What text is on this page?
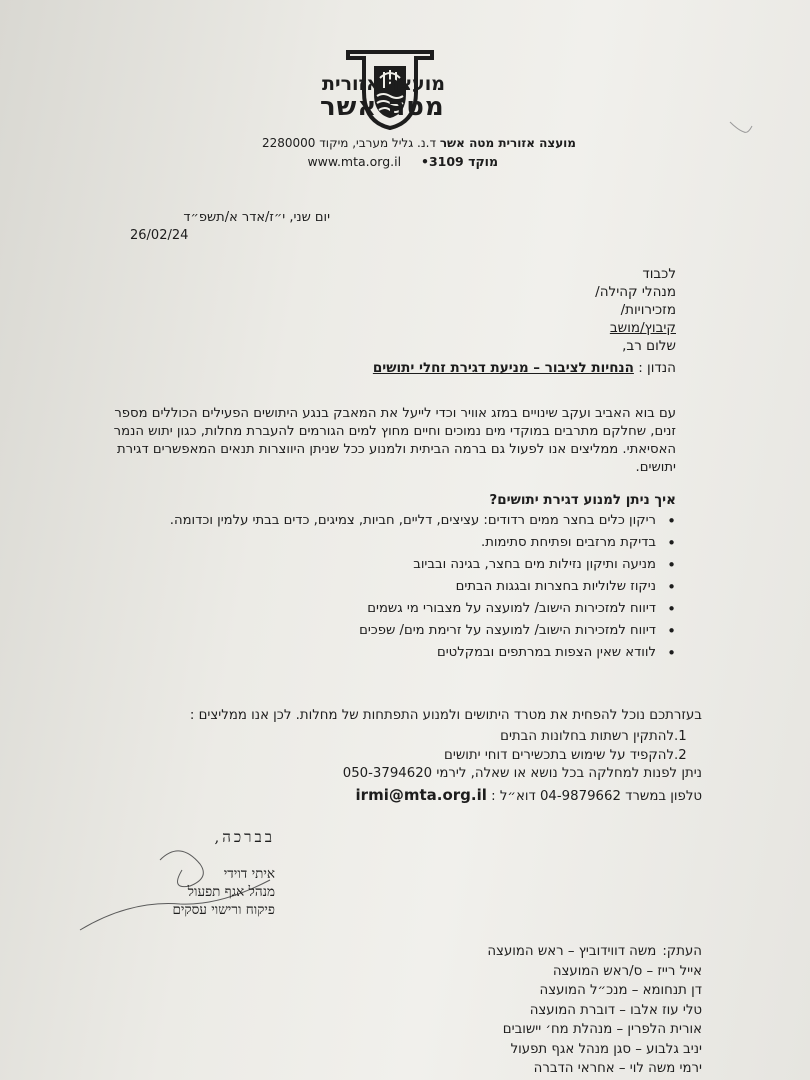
מועצה אזורית
מטה אשר
מועצה אזורית מטה אשר ד.נ. גליל מערבי, מיקוד 2280000
מוקד 3109•     www.mta.org.il
יום שני, י״ז/אדר א/תשפ״ד
26/02/24
לכבוד
מנהלי קהילה/
מזכירויות/
קיבוץ/מושב
שלום רב,
הנדון : הנחיות לציבור – מניעת דגירת זחלי יתושים
עם בוא האביב ועקב שינויים במזג אוויר וכדי לייעל את המאבק בנגע היתושים הפעילים הכוללים מספר זנים, שחלקם מתרבים במוקדי מים נמוכים וחיים מחוץ למים הגורמים להעברת מחלות, כגון יתוש הנמר האסיאתי. ממליצים אנו לפעול גם ברמה הביתית ולמנוע ככל שניתן היווצרות תנאים המאפשרים דגירת יתושים.
איך ניתן למנוע דגירת יתושים?
• ריקון כלים בחצר ממים רדודים: עציצים, דליים, חביות, צמיגים, כדים בבתי עלמין וכדומה.
• בדיקת מרזבים ופתיחת סתימות.
• מניעה ותיקון נזילות מים בחצר, בגינה ובביוב
• ניקוז שלוליות בחצרות ובגגות הבתים
• דיווח למזכירות הישוב/ למועצה על מצבורי מי גשמים
• דיווח למזכירות הישוב/ למועצה על זרימת מים/ שפכים
• לוודא שאין הצפות במרתפים ובמקלטים
בעזרתכם נוכל להפחית את מטרד היתושים ולמנוע התפתחות של מחלות. לכן אנו ממליצים :
1.להתקין רשתות בחלונות הבתים
2.להקפיד על שימוש בתכשירים דוחי יתושים
ניתן לפנות למחלקה בכל נושא או שאלה, לירמי 050-3794620
טלפון במשרד 04-9879662 דוא״ל : irmi@mta.org.il
בברכה,
איתי דוידי
מנהל אגף תפעול
פיקוח ורישוי עסקים
העתק:משה דווידוביץ – ראש המועצה
אייל רייז – ס/ראש המועצה
דן תנחומא – מנכ״ל המועצה
טלי עוז אלבו – דוברת המועצה
אורית הלפרין – מנהלת מח׳ יישובים
יניב גלבוע – סגן מנהל אגף תפעול
ירמי משה לוי – אחראי הדברה
